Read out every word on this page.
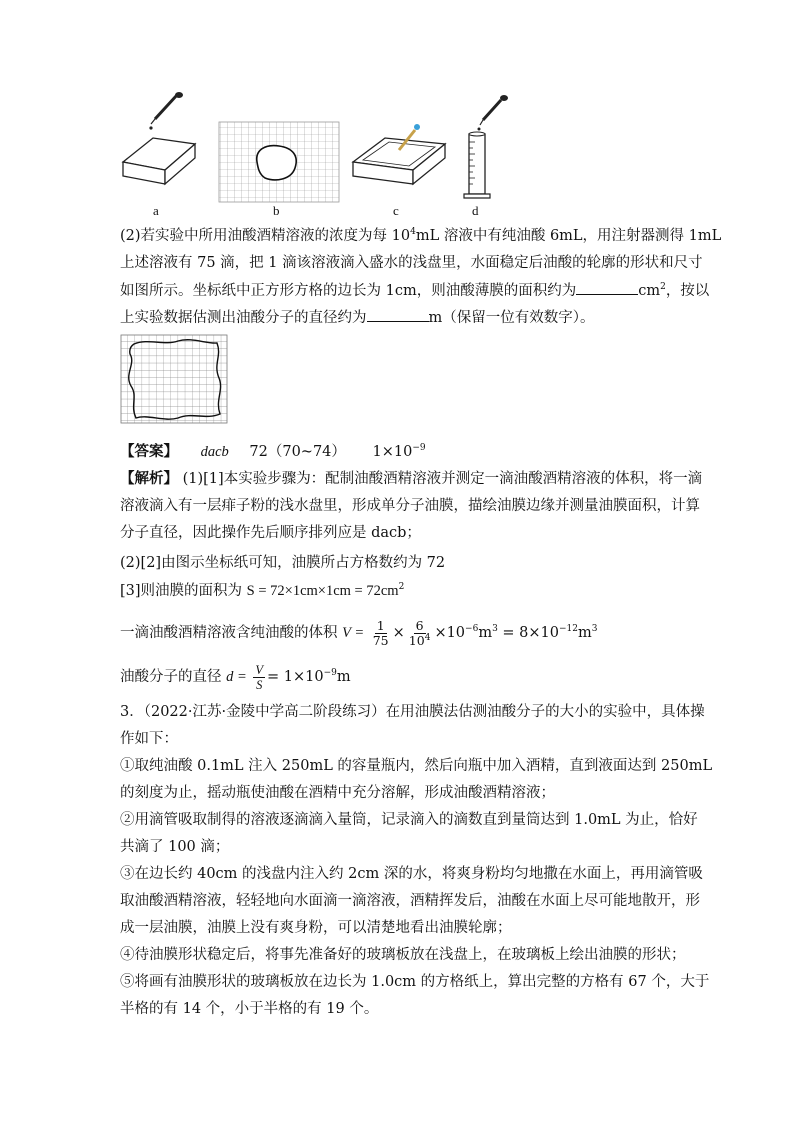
a	b	c	d
(2)若实验中所用油酸酒精溶液的浓度为每 $10^4mL$ 溶液中有纯油酸 6mL，用注射器测得 1mL
上述溶液有 75 滴，把 1 滴该溶液滴入盛水的浅盘里，水面稳定后油酸的轮廓的形状和尺寸
如图所示。坐标纸中正方形方格的边长为 1cm，则油酸薄膜的面积约为	$cm^2$，按以
上实验数据估测出油酸分子的直径约为	m（保留一位有效数字）。
【答案】 dacb 72（70~74） $1\times 10^{-9}$
【解析】 (1)[1]本实验步骤为：配制油酸酒精溶液并测定一滴油酸酒精溶液的体积，将一滴
溶液滴入有一层痱子粉的浅水盘里，形成单分子油膜，描绘油膜边缘并测量油膜面积，计算
分子直径，因此操作先后顺序排列应是 dacb；
(2)[2]由图示坐标纸可知，油膜所占方格数约为 72
[3]则油膜的面积为 $S = 72\times 1cm\times 1cm = 72cm^2$
一滴油酸酒精溶液含纯油酸的体积 $V = \frac{1}{75} \times \frac{6}{10^4} \times 10^{-6}m^3 = 8\times 10^{-12}m^3$
油酸分子的直径 $d = \frac{V}{S} = 1\times 10^{-9}m$
3．（2022·江苏·金陵中学高二阶段练习）在用油膜法估测油酸分子的大小的实验中，具体操
作如下：
①取纯油酸 0.1mL 注入 250mL 的容量瓶内，然后向瓶中加入酒精，直到液面达到 250mL
的刻度为止，摇动瓶使油酸在酒精中充分溶解，形成油酸酒精溶液；
②用滴管吸取制得的溶液逐滴滴入量筒，记录滴入的滴数直到量筒达到 1.0mL 为止，恰好
共滴了 100 滴；
③在边长约 40cm 的浅盘内注入约 2cm 深的水，将爽身粉均匀地撒在水面上，再用滴管吸
取油酸酒精溶液，轻轻地向水面滴一滴溶液，酒精挥发后，油酸在水面上尽可能地散开，形
成一层油膜，油膜上没有爽身粉，可以清楚地看出油膜轮廓；
④待油膜形状稳定后，将事先准备好的玻璃板放在浅盘上，在玻璃板上绘出油膜的形状；
⑤将画有油膜形状的玻璃板放在边长为 1.0cm 的方格纸上，算出完整的方格有 67 个，大于
半格的有 14 个，小于半格的有 19 个。
